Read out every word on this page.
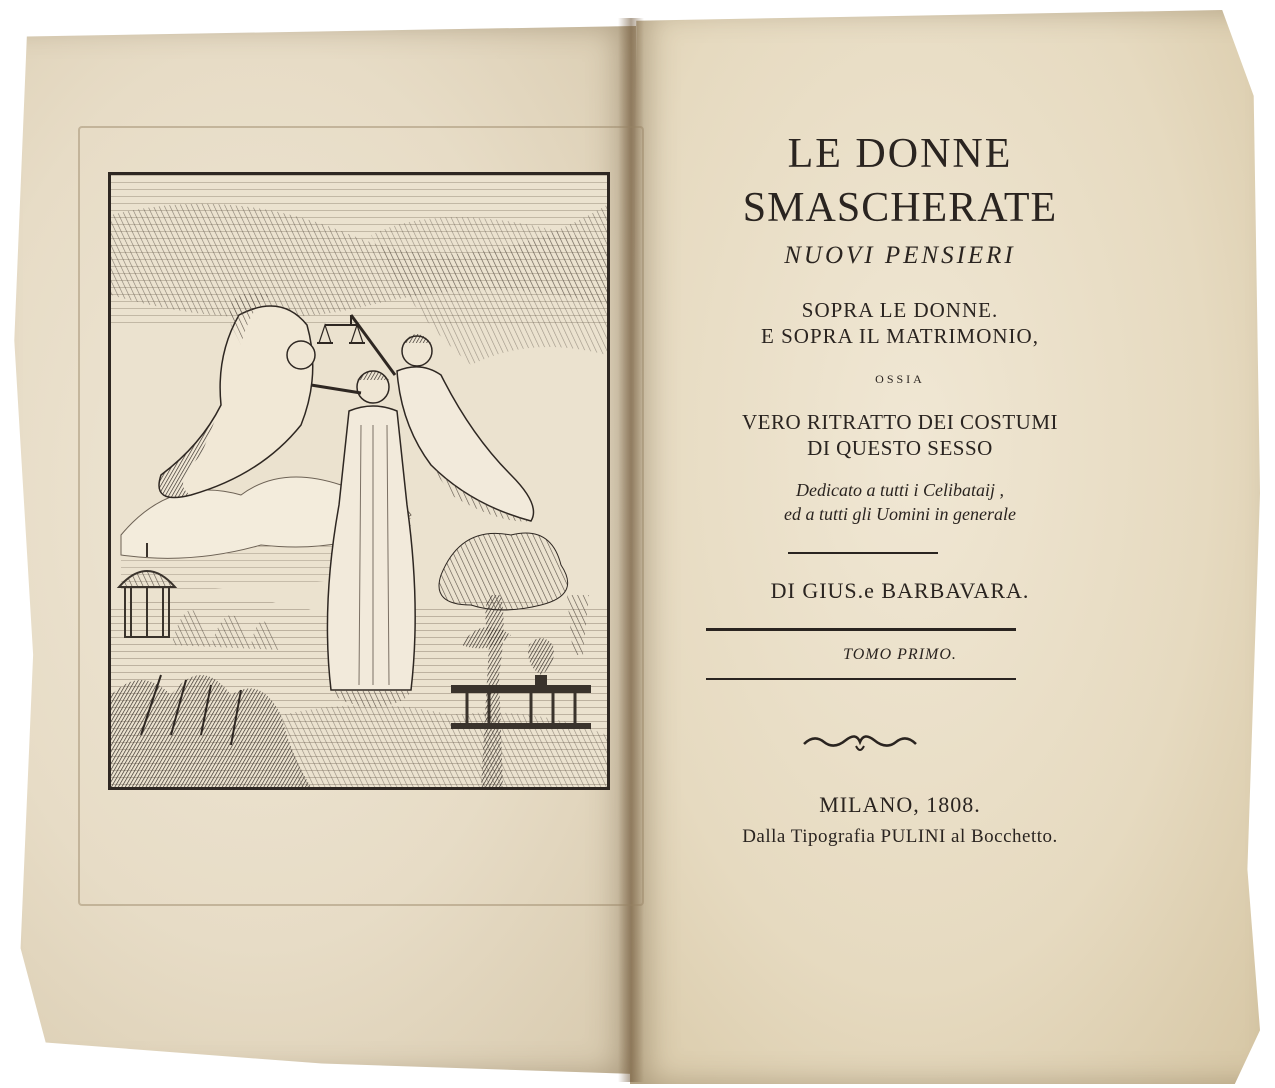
LE DONNE
SMASCHERATE
NUOVI PENSIERI
SOPRA LE DONNE.
E SOPRA IL MATRIMONIO,
OSSIA
VERO RITRATTO DEI COSTUMI
DI QUESTO SESSO
Dedicato a tutti i Celibataij ,
ed a tutti gli Uomini in generale
DI GIUS.e BARBAVARA.
TOMO PRIMO.
MILANO, 1808.
Dalla Tipografia PULINI al Bocchetto.
